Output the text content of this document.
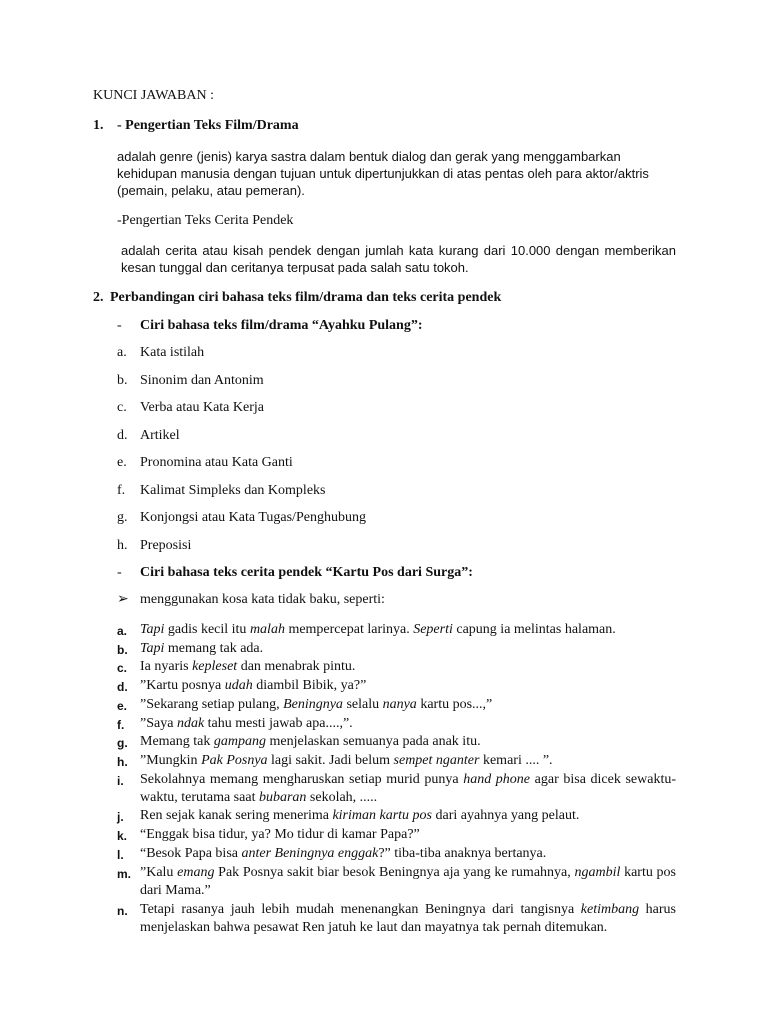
KUNCI JAWABAN :
1. - Pengertian Teks Film/Drama
adalah genre (jenis) karya sastra dalam bentuk dialog dan gerak yang menggambarkan kehidupan manusia dengan tujuan untuk dipertunjukkan di atas pentas oleh para aktor/aktris (pemain, pelaku, atau pemeran).
-Pengertian Teks Cerita Pendek
adalah cerita atau kisah pendek dengan jumlah kata kurang dari 10.000 dengan memberikan kesan tunggal dan ceritanya terpusat pada salah satu tokoh.
2. Perbandingan ciri bahasa teks film/drama dan teks cerita pendek
- Ciri bahasa teks film/drama “Ayahku Pulang”:
a. Kata istilah
b. Sinonim dan Antonim
c. Verba atau Kata Kerja
d. Artikel
e. Pronomina atau Kata Ganti
f. Kalimat Simpleks dan Kompleks
g. Konjongsi atau Kata Tugas/Penghubung
h. Preposisi
- Ciri bahasa teks cerita pendek “Kartu Pos dari Surga”:
➢ menggunakan kosa kata tidak baku, seperti:
a. Tapi gadis kecil itu malah mempercepat larinya. Seperti capung ia melintas halaman.
b. Tapi memang tak ada.
c. Ia nyaris kepleset dan menabrak pintu.
d. ”Kartu posnya udah diambil Bibik, ya?”
e. ”Sekarang setiap pulang, Beningnya selalu nanya kartu pos...,”
f. ”Saya ndak tahu mesti jawab apa....,”.
g. Memang tak gampang menjelaskan semuanya pada anak itu.
h. ”Mungkin Pak Posnya lagi sakit. Jadi belum sempet nganter kemari .... ”.
i. Sekolahnya memang mengharuskan setiap murid punya hand phone agar bisa dicek sewaktu-waktu, terutama saat bubaran sekolah, .....
j. Ren sejak kanak sering menerima kiriman kartu pos dari ayahnya yang pelaut.
k. “Enggak bisa tidur, ya? Mo tidur di kamar Papa?”
l. “Besok Papa bisa anter Beningnya enggak?” tiba-tiba anaknya bertanya.
m. ”Kalu emang Pak Posnya sakit biar besok Beningnya aja yang ke rumahnya, ngambil kartu pos dari Mama.”
n. Tetapi rasanya jauh lebih mudah menenangkan Beningnya dari tangisnya ketimbang harus menjelaskan bahwa pesawat Ren jatuh ke laut dan mayatnya tak pernah ditemukan.
